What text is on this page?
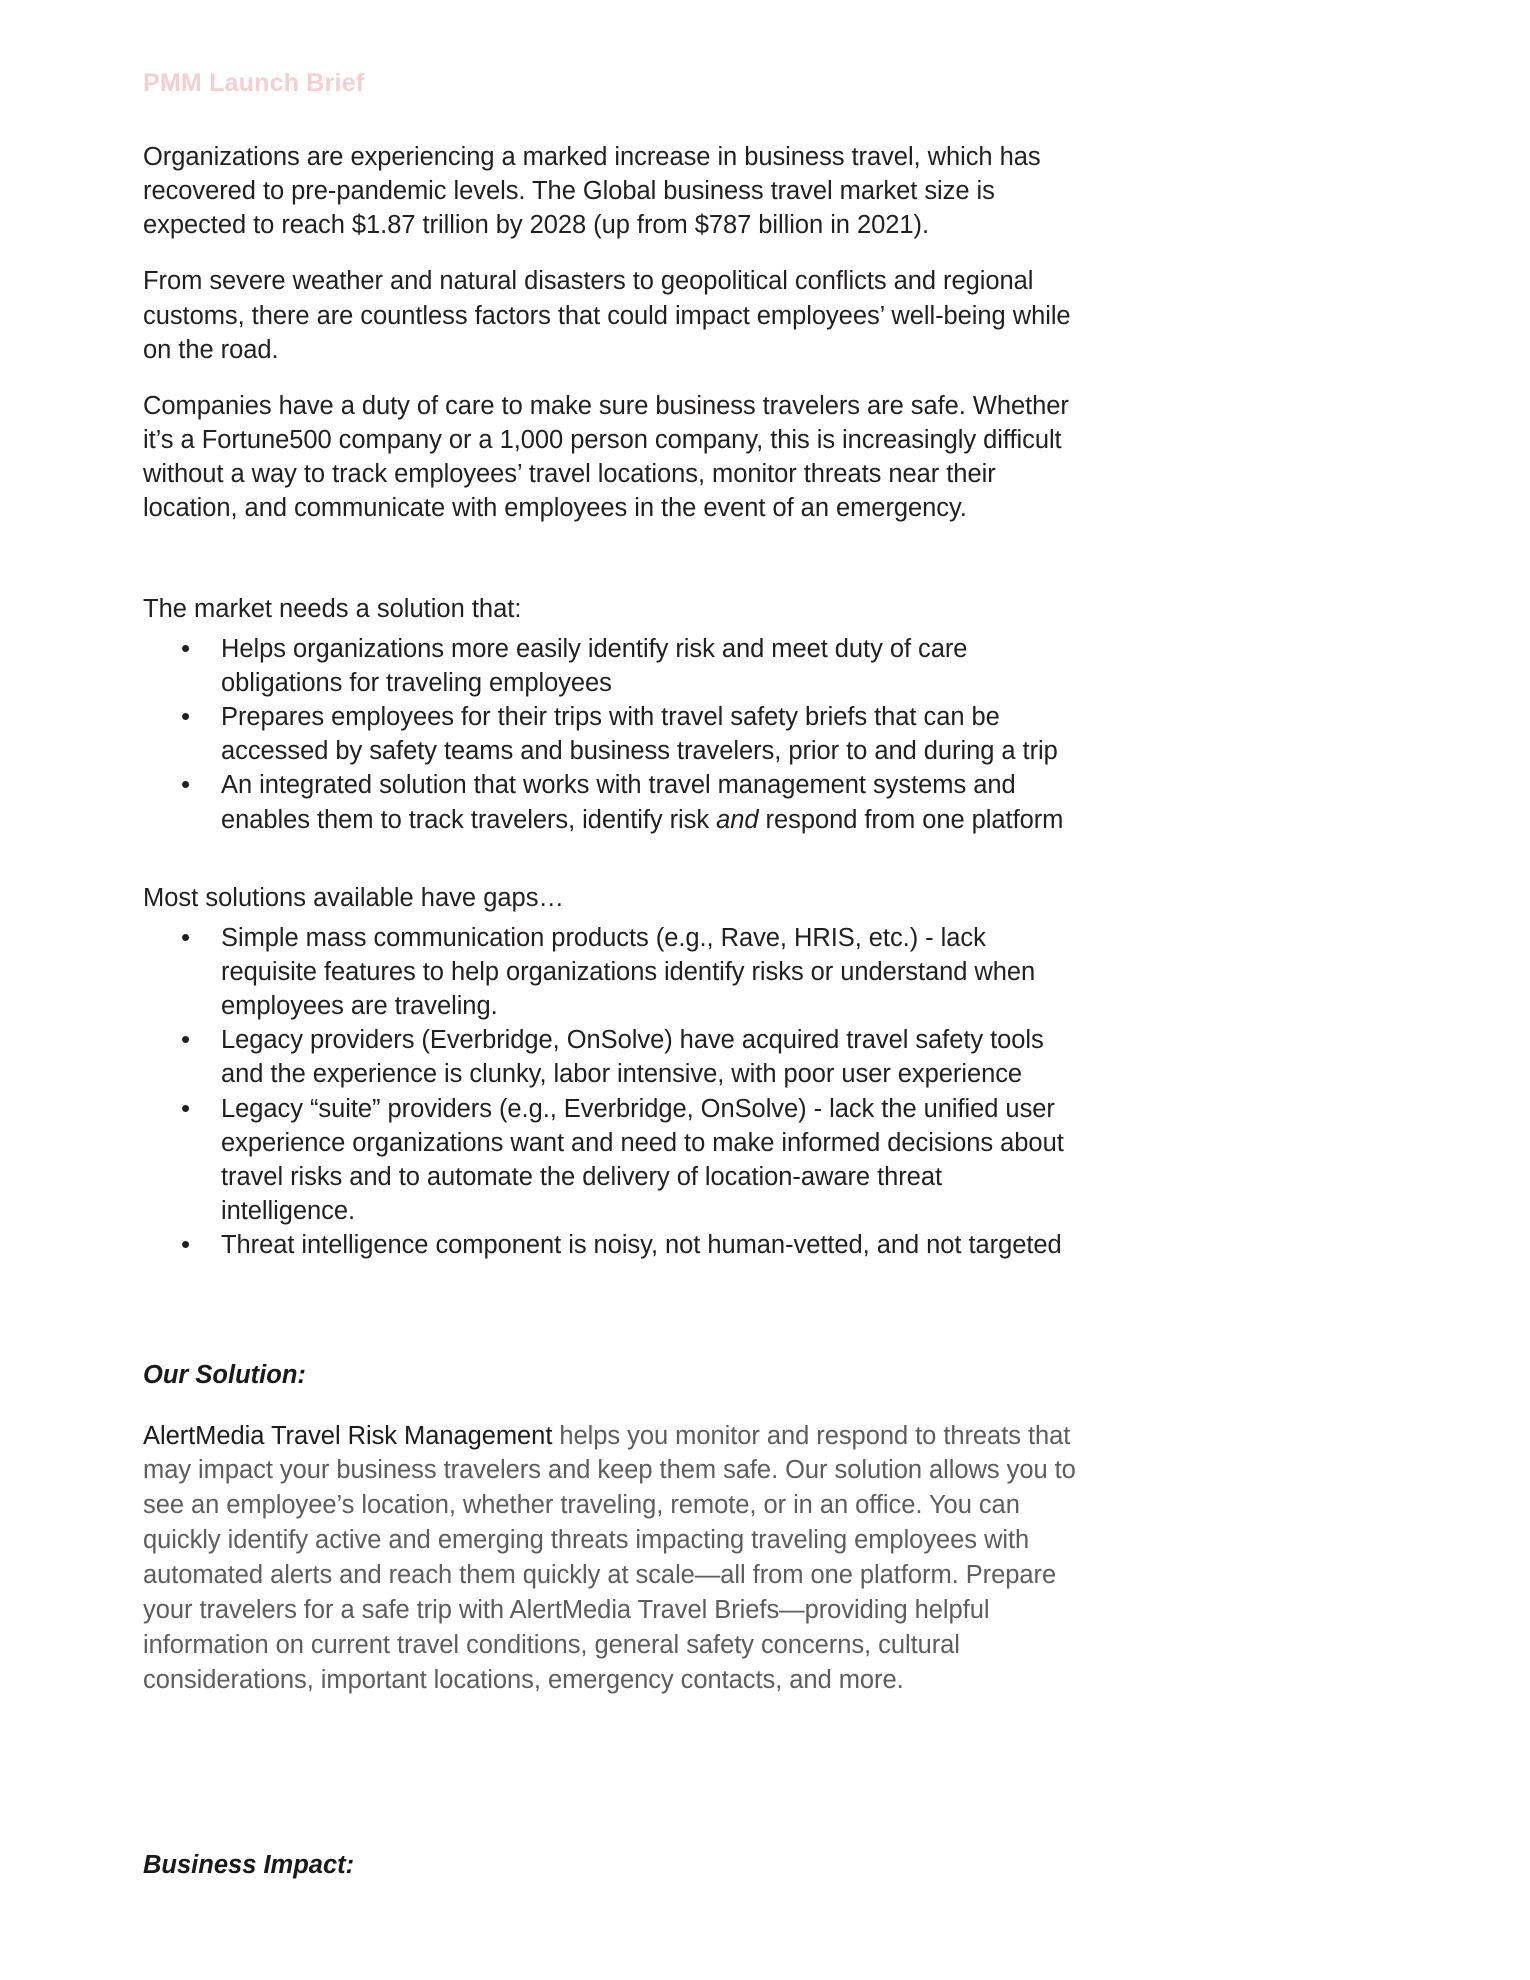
PMM Launch Brief

Organizations are experiencing a marked increase in business travel, which has recovered to pre-pandemic levels. The Global business travel market size is expected to reach $1.87 trillion by 2028 (up from $787 billion in 2021).

From severe weather and natural disasters to geopolitical conflicts and regional customs, there are countless factors that could impact employees’ well-being while on the road.

Companies have a duty of care to make sure business travelers are safe. Whether it’s a Fortune500 company or a 1,000 person company, this is increasingly difficult without a way to track employees’ travel locations, monitor threats near their location, and communicate with employees in the event of an emergency.

The market needs a solution that:

• Helps organizations more easily identify risk and meet duty of care obligations for traveling employees
• Prepares employees for their trips with travel safety briefs that can be accessed by safety teams and business travelers, prior to and during a trip
• An integrated solution that works with travel management systems and enables them to track travelers, identify risk and respond from one platform

Most solutions available have gaps…

• Simple mass communication products (e.g., Rave, HRIS, etc.) - lack requisite features to help organizations identify risks or understand when employees are traveling.
• Legacy providers (Everbridge, OnSolve) have acquired travel safety tools and the experience is clunky, labor intensive, with poor user experience
• Legacy “suite” providers (e.g., Everbridge, OnSolve) - lack the unified user experience organizations want and need to make informed decisions about travel risks and to automate the delivery of location-aware threat intelligence.
• Threat intelligence component is noisy, not human-vetted, and not targeted
Our Solution:

AlertMedia Travel Risk Management helps you monitor and respond to threats that may impact your business travelers and keep them safe. Our solution allows you to see an employee’s location, whether traveling, remote, or in an office. You can quickly identify active and emerging threats impacting traveling employees with automated alerts and reach them quickly at scale—all from one platform. Prepare your travelers for a safe trip with AlertMedia Travel Briefs—providing helpful information on current travel conditions, general safety concerns, cultural considerations, important locations, emergency contacts, and more.

Business Impact:
